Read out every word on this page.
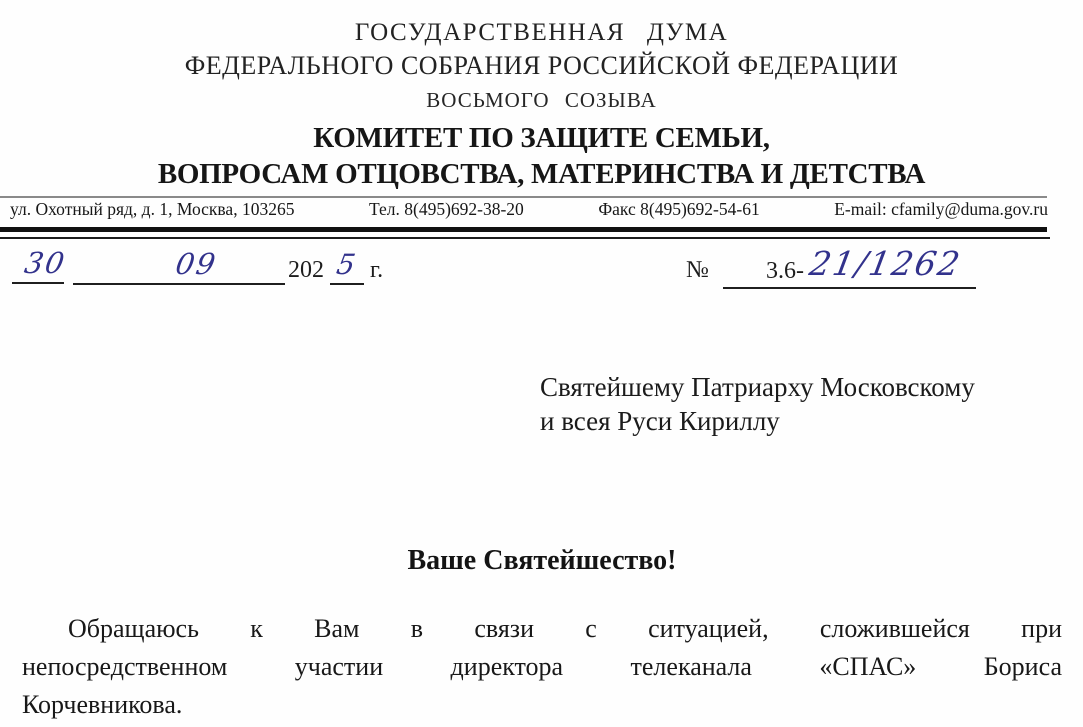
ГОСУДАРСТВЕННАЯ ДУМА
ФЕДЕРАЛЬНОГО СОБРАНИЯ РОССИЙСКОЙ ФЕДЕРАЦИИ
ВОСЬМОГО СОЗЫВА
КОМИТЕТ ПО ЗАЩИТЕ СЕМЬИ,
ВОПРОСАМ ОТЦОВСТВА, МАТЕРИНСТВА И ДЕТСТВА
ул. Охотный ряд, д. 1, Москва, 103265	Тел. 8(495)692-38-20	Факс 8(495)692-54-61	E-mail: cfamily@duma.gov.ru
30	09	202 5 г.	№ 3.6- 21/1262
Святейшему Патриарху Московскому
и всея Руси Кириллу
Ваше Святейшество!
Обращаюсь к Вам в связи с ситуацией, сложившейся при
непосредственном участии директора телеканала «СПАС» Бориса
Корчевникова.
